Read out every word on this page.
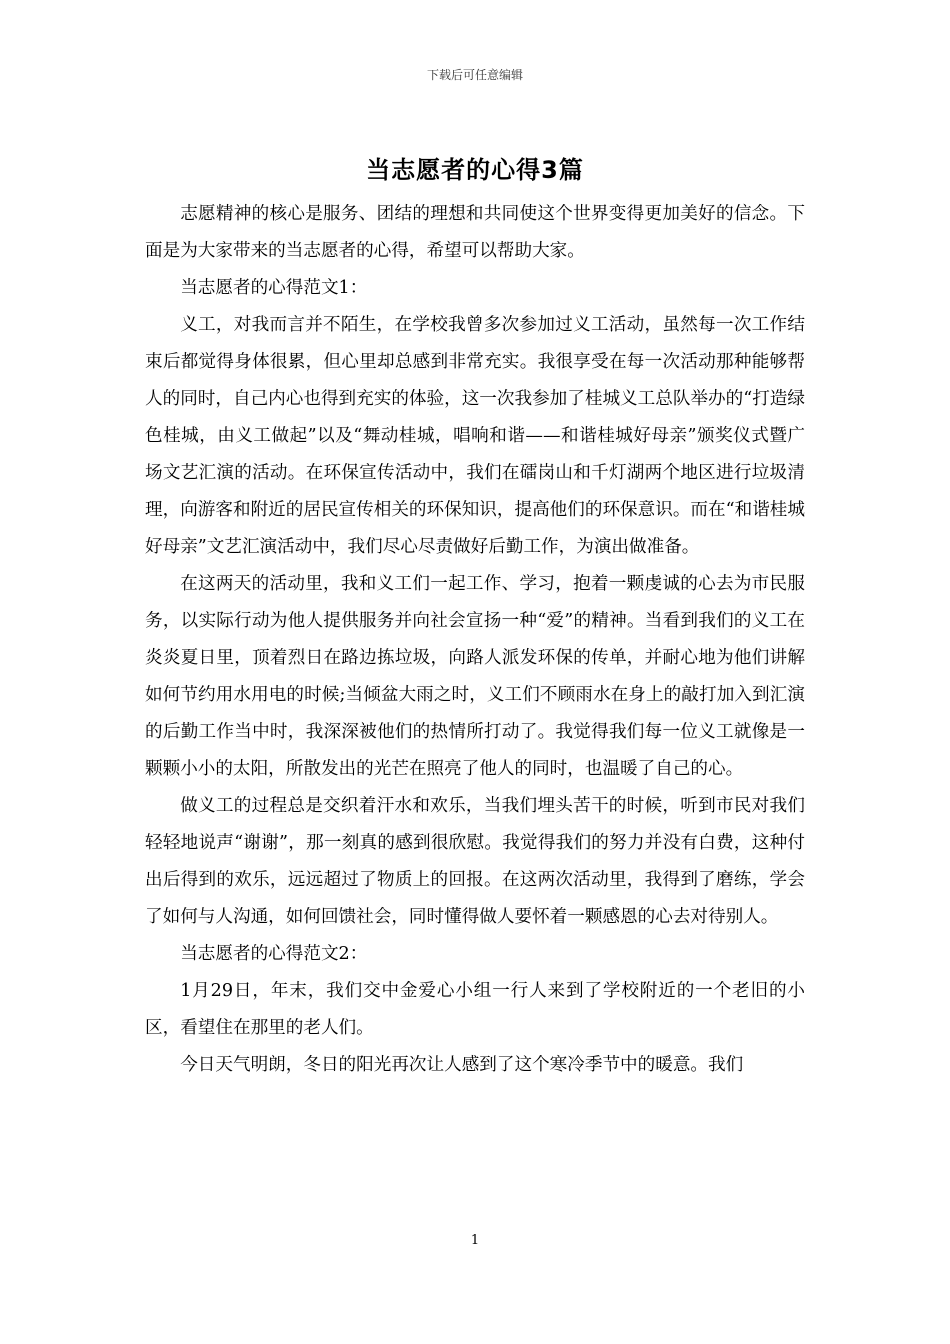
下载后可任意编辑
当志愿者的心得3篇

志愿精神的核心是服务、团结的理想和共同使这个世界变得更加美好的信念。下面是为大家带来的当志愿者的心得，希望可以帮助大家。

当志愿者的心得范文1：

义工，对我而言并不陌生，在学校我曾多次参加过义工活动，虽然每一次工作结束后都觉得身体很累，但心里却总感到非常充实。我很享受在每一次活动那种能够帮人的同时，自己内心也得到充实的体验，这一次我参加了桂城义工总队举办的“打造绿色桂城，由义工做起”以及“舞动桂城，唱响和谐——和谐桂城好母亲”颁奖仪式暨广场文艺汇演的活动。在环保宣传活动中，我们在礌岗山和千灯湖两个地区进行垃圾清理，向游客和附近的居民宣传相关的环保知识，提高他们的环保意识。而在“和谐桂城好母亲”文艺汇演活动中，我们尽心尽责做好后勤工作，为演出做准备。

在这两天的活动里，我和义工们一起工作、学习，抱着一颗虔诚的心去为市民服务，以实际行动为他人提供服务并向社会宣扬一种“爱”的精神。当看到我们的义工在炎炎夏日里，顶着烈日在路边拣垃圾，向路人派发环保的传单，并耐心地为他们讲解如何节约用水用电的时候;当倾盆大雨之时，义工们不顾雨水在身上的敲打加入到汇演的后勤工作当中时，我深深被他们的热情所打动了。我觉得我们每一位义工就像是一颗颗小小的太阳，所散发出的光芒在照亮了他人的同时，也温暖了自己的心。

做义工的过程总是交织着汗水和欢乐，当我们埋头苦干的时候，听到市民对我们轻轻地说声“谢谢”，那一刻真的感到很欣慰。我觉得我们的努力并没有白费，这种付出后得到的欢乐，远远超过了物质上的回报。在这两次活动里，我得到了磨练，学会了如何与人沟通，如何回馈社会，同时懂得做人要怀着一颗感恩的心去对待别人。

当志愿者的心得范文2：

1月29日，年末，我们交中金爱心小组一行人来到了学校附近的一个老旧的小区，看望住在那里的老人们。

今日天气明朗，冬日的阳光再次让人感到了这个寒冷季节中的暖意。我们

1
